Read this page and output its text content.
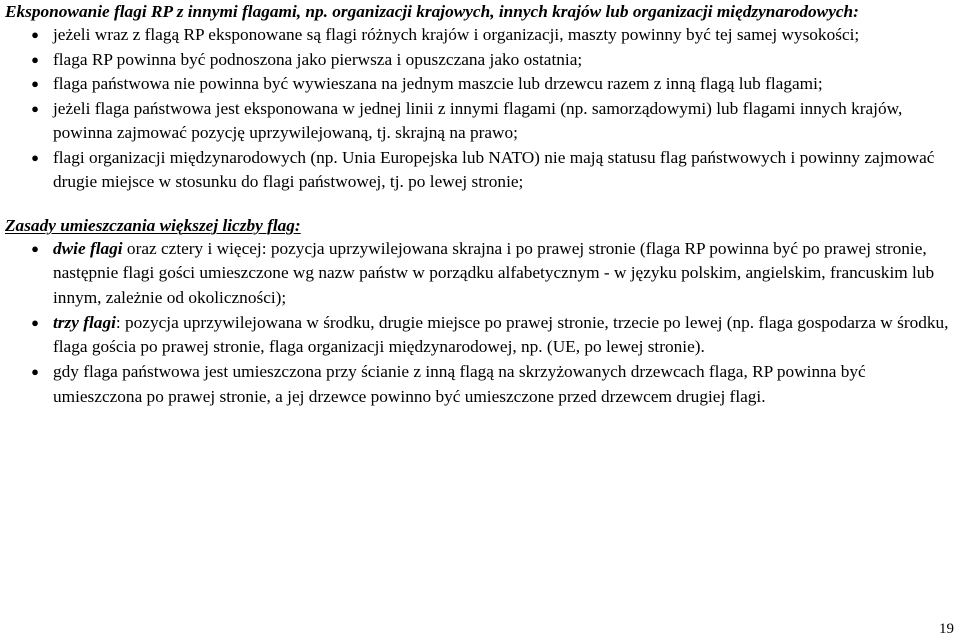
Eksponowanie flagi RP z innymi flagami, np. organizacji krajowych, innych krajów lub organizacji międzynarodowych:

● jeżeli wraz z flagą RP eksponowane są flagi różnych krajów i organizacji, maszty powinny być tej samej wysokości;
● flaga RP powinna być podnoszona jako pierwsza i opuszczana jako ostatnia;
● flaga państwowa nie powinna być wywieszana na jednym maszcie lub drzewcu razem z inną flagą lub flagami;
● jeżeli flaga państwowa jest eksponowana w jednej linii z innymi flagami (np. samorządowymi) lub flagami innych krajów, powinna zajmować pozycję uprzywilejowaną, tj. skrajną na prawo;
● flagi organizacji międzynarodowych (np. Unia Europejska lub NATO) nie mają statusu flag państwowych i powinny zajmować drugie miejsce w stosunku do flagi państwowej, tj. po lewej stronie;

Zasady umieszczania większej liczby flag:

● dwie flagi oraz cztery i więcej: pozycja uprzywilejowana skrajna i po prawej stronie (flaga RP powinna być po prawej stronie, następnie flagi gości umieszczone wg nazw państw w porządku alfabetycznym - w języku polskim, angielskim, francuskim lub innym, zależnie od okoliczności);
● trzy flagi: pozycja uprzywilejowana w środku, drugie miejsce po prawej stronie, trzecie po lewej (np. flaga gospodarza w środku, flaga gościa po prawej stronie, flaga organizacji międzynarodowej, np. (UE, po lewej stronie).
● gdy flaga państwowa jest umieszczona przy ścianie z inną flagą na skrzyżowanych drzewcach flaga, RP powinna być umieszczona po prawej stronie, a jej drzewce powinno być umieszczone przed drzewcem drugiej flagi.
19
